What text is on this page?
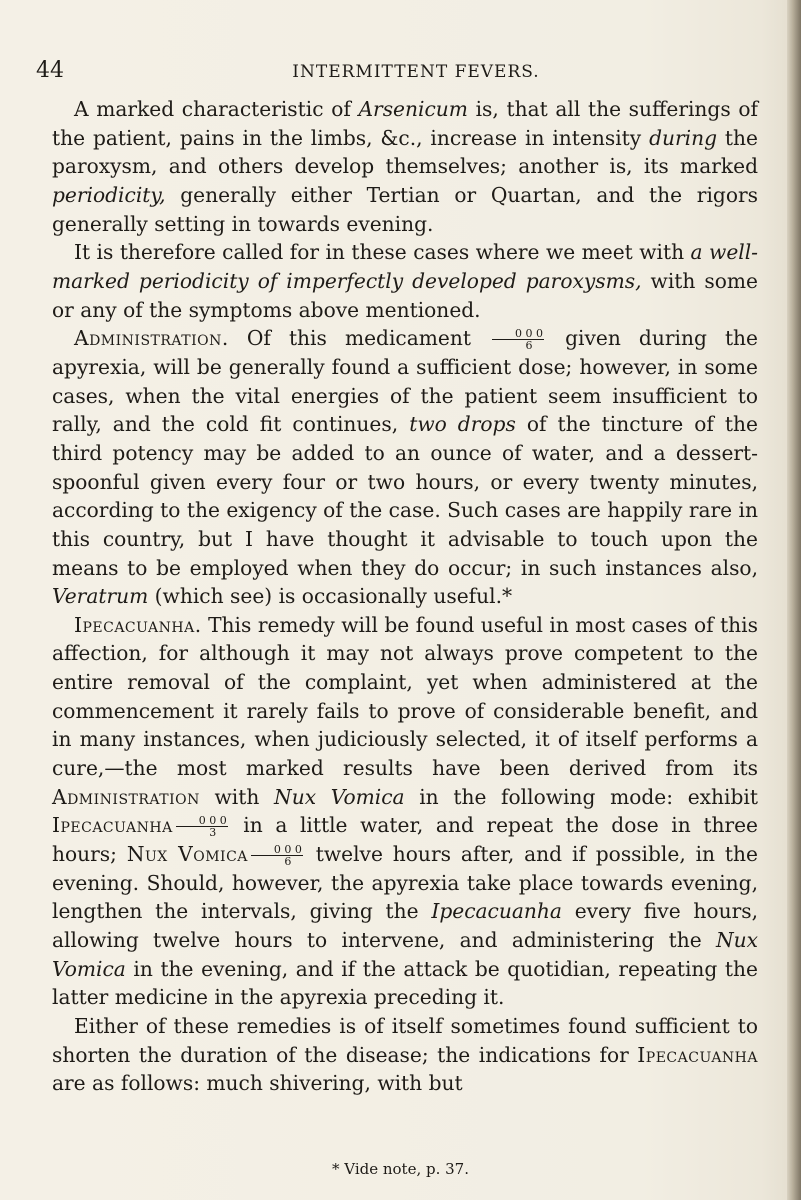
44	INTERMITTENT FEVERS.

A marked characteristic of Arsenicum is, that all the sufferings of the patient, pains in the limbs, &c., increase in intensity during the paroxysm, and others develop themselves; another is, its marked periodicity, generally either Tertian or Quartan, and the rigors generally setting in towards evening.

It is therefore called for in these cases where we meet with a well-marked periodicity of imperfectly developed paroxysms, with some or any of the symptoms above mentioned.

Administration. Of this medicament $\frac{0 0 0}{6}$ given during the apyrexia, will be generally found a sufficient dose; however, in some cases, when the vital energies of the patient seem insufficient to rally, and the cold fit continues, two drops of the tincture of the third potency may be added to an ounce of water, and a dessert-spoonful given every four or two hours, or every twenty minutes, according to the exigency of the case. Such cases are happily rare in this country, but I have thought it advisable to touch upon the means to be employed when they do occur; in such instances also, Veratrum (which see) is occasionally useful.*

Ipecacuanha. This remedy will be found useful in most cases of this affection, for although it may not always prove competent to the entire removal of the complaint, yet when administered at the commencement it rarely fails to prove of considerable benefit, and in many instances, when judiciously selected, it of itself performs a cure,—the most marked results have been derived from its Administration with Nux Vomica in the following mode: exhibit Ipecacuanha $\frac{0 0 0}{3}$ in a little water, and repeat the dose in three hours; Nux Vomica $\frac{0 0 0}{6}$ twelve hours after, and if possible, in the evening. Should, however, the apyrexia take place towards evening, lengthen the intervals, giving the Ipecacuanha every five hours, allowing twelve hours to intervene, and administering the Nux Vomica in the evening, and if the attack be quotidian, repeating the latter medicine in the apyrexia preceding it.

Either of these remedies is of itself sometimes found sufficient to shorten the duration of the disease; the indications for Ipecacuanha are as follows: much shivering, with but

* Vide note, p. 37.
